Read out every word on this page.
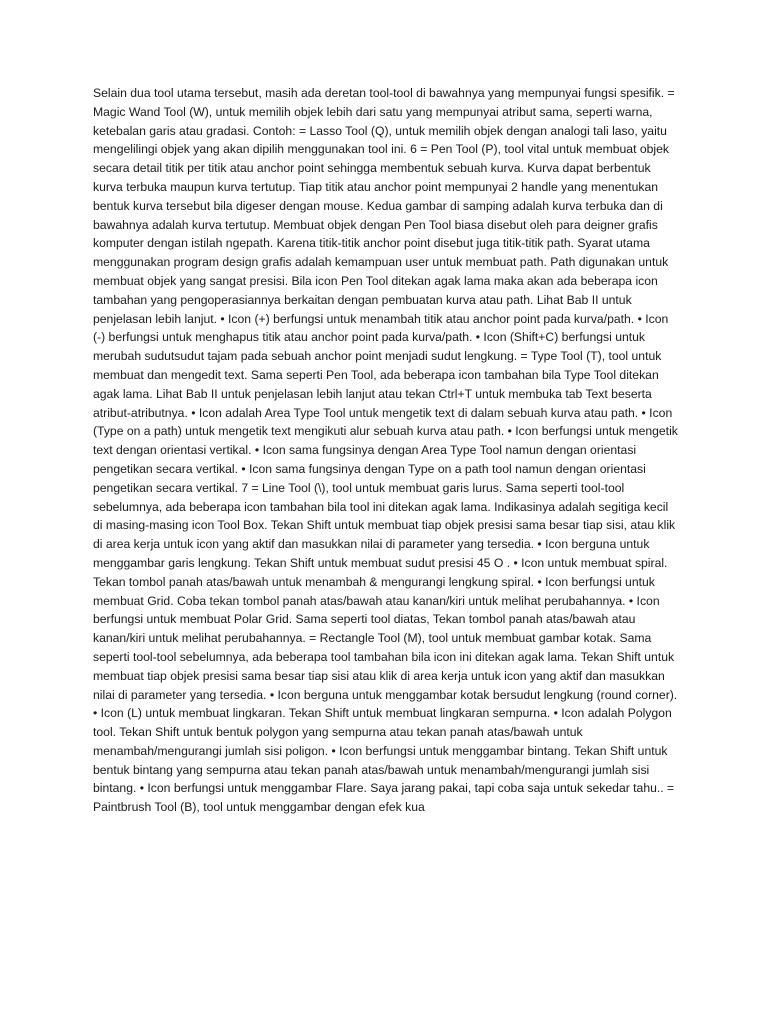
Selain dua tool utama tersebut, masih ada deretan tool-tool di bawahnya yang mempunyai fungsi spesifik. = Magic Wand Tool (W), untuk memilih objek lebih dari satu yang mempunyai atribut sama, seperti warna, ketebalan garis atau gradasi. Contoh: = Lasso Tool (Q), untuk memilih objek dengan analogi tali laso, yaitu mengelilingi objek yang akan dipilih menggunakan tool ini. 6 = Pen Tool (P), tool vital untuk membuat objek secara detail titik per titik atau anchor point sehingga membentuk sebuah kurva. Kurva dapat berbentuk kurva terbuka maupun kurva tertutup. Tiap titik atau anchor point mempunyai 2 handle yang menentukan bentuk kurva tersebut bila digeser dengan mouse. Kedua gambar di samping adalah kurva terbuka dan di bawahnya adalah kurva tertutup. Membuat objek dengan Pen Tool biasa disebut oleh para deigner grafis komputer dengan istilah ngepath. Karena titik-titik anchor point disebut juga titik-titik path. Syarat utama menggunakan program design grafis adalah kemampuan user untuk membuat path. Path digunakan untuk membuat objek yang sangat presisi. Bila icon Pen Tool ditekan agak lama maka akan ada beberapa icon tambahan yang pengoperasiannya berkaitan dengan pembuatan kurva atau path. Lihat Bab II untuk penjelasan lebih lanjut. • Icon (+) berfungsi untuk menambah titik atau anchor point pada kurva/path. • Icon (-) berfungsi untuk menghapus titik atau anchor point pada kurva/path. • Icon (Shift+C) berfungsi untuk merubah sudutsudut tajam pada sebuah anchor point menjadi sudut lengkung. = Type Tool (T), tool untuk membuat dan mengedit text. Sama seperti Pen Tool, ada beberapa icon tambahan bila Type Tool ditekan agak lama. Lihat Bab II untuk penjelasan lebih lanjut atau tekan Ctrl+T untuk membuka tab Text beserta atribut-atributnya. • Icon adalah Area Type Tool untuk mengetik text di dalam sebuah kurva atau path. • Icon (Type on a path) untuk mengetik text mengikuti alur sebuah kurva atau path. • Icon berfungsi untuk mengetik text dengan orientasi vertikal. • Icon sama fungsinya dengan Area Type Tool namun dengan orientasi pengetikan secara vertikal. • Icon sama fungsinya dengan Type on a path tool namun dengan orientasi pengetikan secara vertikal. 7 = Line Tool (\), tool untuk membuat garis lurus. Sama seperti tool-tool sebelumnya, ada beberapa icon tambahan bila tool ini ditekan agak lama. Indikasinya adalah segitiga kecil di masing-masing icon Tool Box. Tekan Shift untuk membuat tiap objek presisi sama besar tiap sisi, atau klik di area kerja untuk icon yang aktif dan masukkan nilai di parameter yang tersedia. • Icon berguna untuk menggambar garis lengkung. Tekan Shift untuk membuat sudut presisi 45 O . • Icon untuk membuat spiral. Tekan tombol panah atas/bawah untuk menambah & mengurangi lengkung spiral. • Icon berfungsi untuk membuat Grid. Coba tekan tombol panah atas/bawah atau kanan/kiri untuk melihat perubahannya. • Icon berfungsi untuk membuat Polar Grid. Sama seperti tool diatas, Tekan tombol panah atas/bawah atau kanan/kiri untuk melihat perubahannya. = Rectangle Tool (M), tool untuk membuat gambar kotak. Sama seperti tool-tool sebelumnya, ada beberapa tool tambahan bila icon ini ditekan agak lama. Tekan Shift untuk membuat tiap objek presisi sama besar tiap sisi atau klik di area kerja untuk icon yang aktif dan masukkan nilai di parameter yang tersedia. • Icon berguna untuk menggambar kotak bersudut lengkung (round corner). • Icon (L) untuk membuat lingkaran. Tekan Shift untuk membuat lingkaran sempurna. • Icon adalah Polygon tool. Tekan Shift untuk bentuk polygon yang sempurna atau tekan panah atas/bawah untuk menambah/mengurangi jumlah sisi poligon. • Icon berfungsi untuk menggambar bintang. Tekan Shift untuk bentuk bintang yang sempurna atau tekan panah atas/bawah untuk menambah/mengurangi jumlah sisi bintang. • Icon berfungsi untuk menggambar Flare. Saya jarang pakai, tapi coba saja untuk sekedar tahu.. = Paintbrush Tool (B), tool untuk menggambar dengan efek kua
